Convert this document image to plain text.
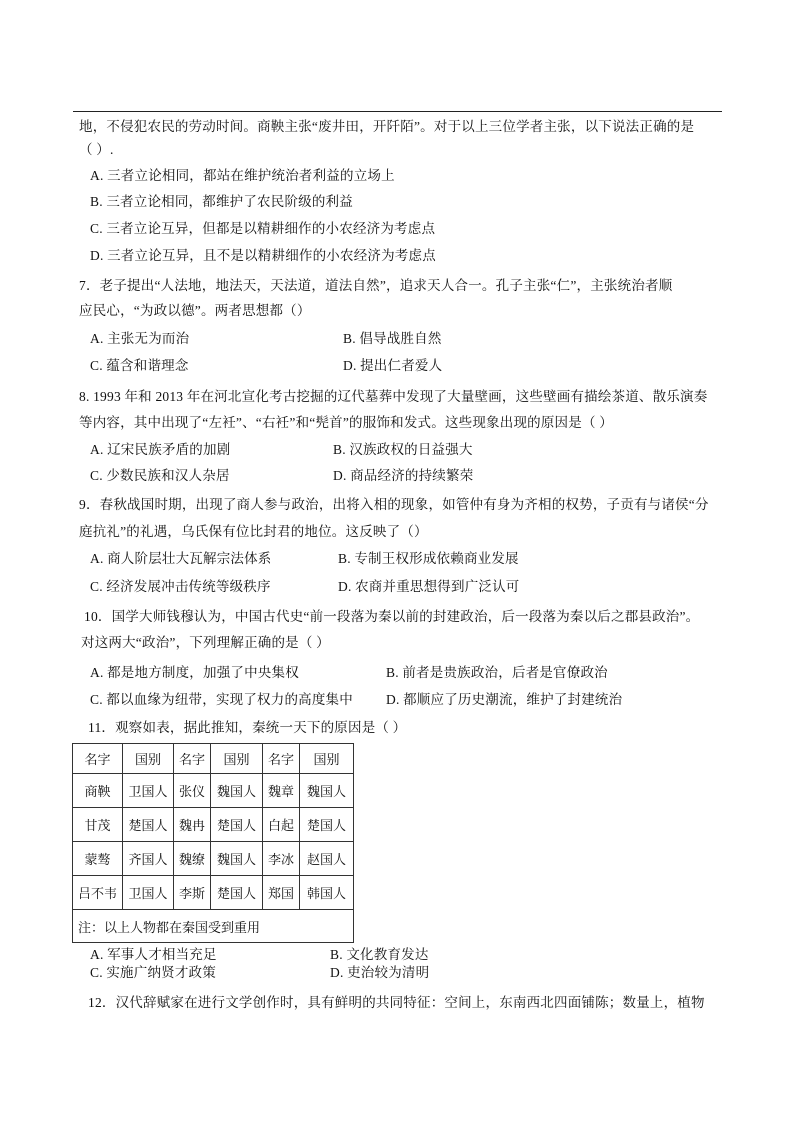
地，不侵犯农民的劳动时间。商鞅主张“废井田，开阡陌”。对于以上三位学者主张，以下说法正确的是
（ ）.
A. 三者立论相同，都站在维护统治者利益的立场上
B. 三者立论相同，都维护了农民阶级的利益
C. 三者立论互异，但都是以精耕细作的小农经济为考虑点
D. 三者立论互异，且不是以精耕细作的小农经济为考虑点
7．老子提出“人法地，地法天，天法道，道法自然”，追求天人合一。孔子主张“仁”，主张统治者顺
应民心，“为政以德”。两者思想都（）
A. 主张无为而治	B. 倡导战胜自然
C. 蕴含和谐理念	D. 提出仁者爱人
8. 1993 年和 2013 年在河北宣化考古挖掘的辽代墓葬中发现了大量壁画，这些壁画有描绘茶道、散乐演奏
等内容，其中出现了“左衽”、“右衽”和“髡首”的服饰和发式。这些现象出现的原因是（ ）
A. 辽宋民族矛盾的加剧	B. 汉族政权的日益强大
C. 少数民族和汉人杂居	D. 商品经济的持续繁荣
9．春秋战国时期，出现了商人参与政治，出将入相的现象，如管仲有身为齐相的权势，子贡有与诸侯“分
庭抗礼”的礼遇，乌氏保有位比封君的地位。这反映了（）
A. 商人阶层壮大瓦解宗法体系	B. 专制王权形成依赖商业发展
C. 经济发展冲击传统等级秩序	D. 农商并重思想得到广泛认可
10．国学大师钱穆认为，中国古代史“前一段落为秦以前的封建政治，后一段落为秦以后之郡县政治”。
对这两大“政治”，下列理解正确的是（ ）
A. 都是地方制度，加强了中央集权	B. 前者是贵族政治，后者是官僚政治
C. 都以血缘为纽带，实现了权力的高度集中 D. 都顺应了历史潮流，维护了封建统治
11．观察如表，据此推知，秦统一天下的原因是（ ）
名字	国别	名字	国别	名字	国别
商鞅	卫国人	张仪	魏国人	魏章	魏国人
甘茂	楚国人	魏冉	楚国人	白起	楚国人
蒙骜	齐国人	魏缭	魏国人	李冰	赵国人
吕不韦	卫国人	李斯	楚国人	郑国	韩国人
注：以上人物都在秦国受到重用					
A. 军事人才相当充足	B. 文化教育发达
C. 实施广纳贤才政策	D. 吏治较为清明
12．汉代辞赋家在进行文学创作时，具有鲜明的共同特征：空间上，东南西北四面铺陈；数量上，植物
